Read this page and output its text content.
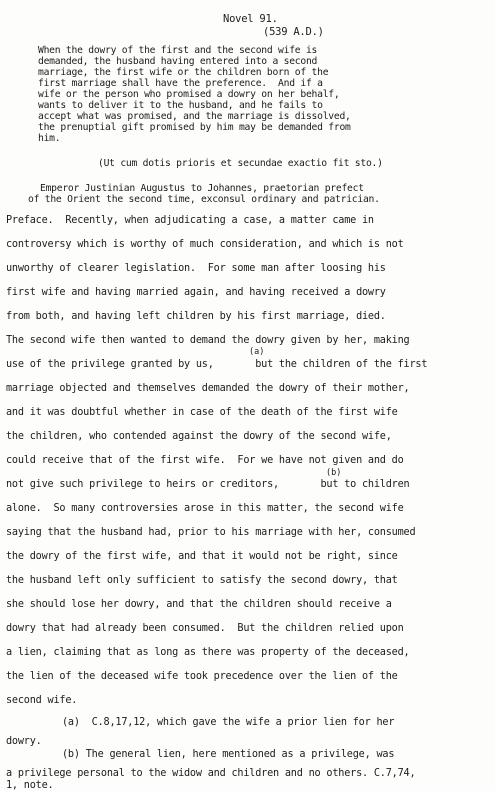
Novel 91.
(539 A.D.)
When the dowry of the first and the second wife is
demanded, the husband having entered into a second
marriage, the first wife or the children born of the
first marriage shall have the preference.  And if a
wife or the person who promised a dowry on her behalf,
wants to deliver it to the husband, and he fails to
accept what was promised, and the marriage is dissolved,
the prenuptial gift promised by him may be demanded from
him.
(Ut cum dotis prioris et secundae exactio fit sto.)
Emperor Justinian Augustus to Johannes, praetorian prefect
of the Orient the second time, exconsul ordinary and patrician.
Preface.  Recently, when adjudicating a case, a matter came in
controversy which is worthy of much consideration, and which is not
unworthy of clearer legislation.  For some man after loosing his
first wife and having married again, and having received a dowry
from both, and having left children by his first marriage, died.
The second wife then wanted to demand the dowry given by her, making
use of the privilege granted by us,       but the children of the first
marriage objected and themselves demanded the dowry of their mother,
and it was doubtful whether in case of the death of the first wife
the children, who contended against the dowry of the second wife,
could receive that of the first wife.  For we have not given and do
not give such privilege to heirs or creditors,       but to children
alone.  So many controversies arose in this matter, the second wife
saying that the husband had, prior to his marriage with her, consumed
the dowry of the first wife, and that it would not be right, since
the husband left only sufficient to satisfy the second dowry, that
she should lose her dowry, and that the children should receive a
dowry that had already been consumed.  But the children relied upon
a lien, claiming that as long as there was property of the deceased,
the lien of the deceased wife took precedence over the lien of the
second wife.
(a)
(b)
(a)  C.8,17,12, which gave the wife a prior lien for her
dowry.
(b) The general lien, here mentioned as a privilege, was
a privilege personal to the widow and children and no others. C.7,74,
1, note.
